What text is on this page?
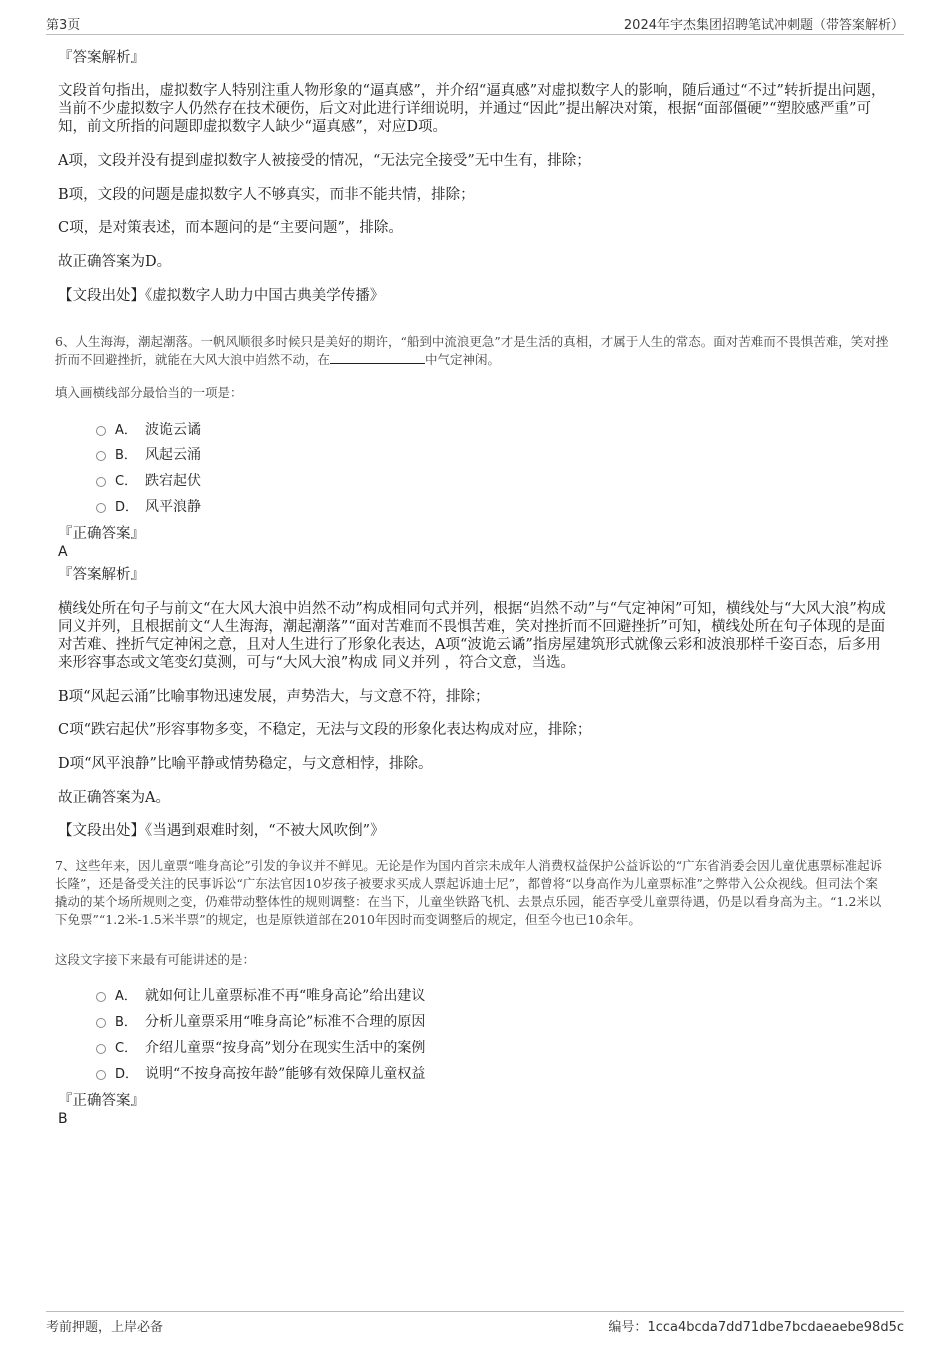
第3页	2024年宇杰集团招聘笔试冲刺题（带答案解析）
『答案解析』
文段首句指出，虚拟数字人特别注重人物形象的“逼真感”，并介绍“逼真感”对虚拟数字人的影响，随后通过“不过”转折提出问题，当前不少虚拟数字人仍然存在技术硬伤，后文对此进行详细说明，并通过“因此”提出解决对策，根据“面部僵硬”“塑胶感严重”可知，前文所指的问题即虚拟数字人缺少“逼真感”，对应D项。
A项，文段并没有提到虚拟数字人被接受的情况，“无法完全接受”无中生有，排除；
B项，文段的问题是虚拟数字人不够真实，而非不能共情，排除；
C项，是对策表述，而本题问的是“主要问题”，排除。
故正确答案为D。
【文段出处】《虚拟数字人助力中国古典美学传播》
6、人生海海，潮起潮落。一帆风顺很多时候只是美好的期许，“船到中流浪更急”才是生活的真相，才属于人生的常态。面对苦难而不畏惧苦难，笑对挫折而不回避挫折，就能在大风大浪中岿然不动，在	中气定神闲。
填入画横线部分最恰当的一项是：
A． 波诡云谲
B． 风起云涌
C． 跌宕起伏
D． 风平浪静
『正确答案』
A
『答案解析』
横线处所在句子与前文“在大风大浪中岿然不动”构成相同句式并列，根据“岿然不动”与“气定神闲”可知，横线处与“大风大浪”构成同义并列，且根据前文“人生海海，潮起潮落”“面对苦难而不畏惧苦难，笑对挫折而不回避挫折”可知，横线处所在句子体现的是面对苦难、挫折气定神闲之意，且对人生进行了形象化表达，A项“波诡云谲”指房屋建筑形式就像云彩和波浪那样千姿百态，后多用来形容事态或文笔变幻莫测，可与“大风大浪”构成 同义并列 ，符合文意，当选。
B项“风起云涌”比喻事物迅速发展，声势浩大，与文意不符，排除；
C项“跌宕起伏”形容事物多变，不稳定，无法与文段的形象化表达构成对应，排除；
D项“风平浪静”比喻平静或情势稳定，与文意相悖，排除。
故正确答案为A。
【文段出处】《当遇到艰难时刻，“不被大风吹倒”》
7、这些年来，因儿童票“唯身高论”引发的争议并不鲜见。无论是作为国内首宗未成年人消费权益保护公益诉讼的“广东省消委会因儿童优惠票标准起诉长隆”，还是备受关注的民事诉讼“广东法官因10岁孩子被要求买成人票起诉迪士尼”，都曾将“以身高作为儿童票标准”之弊带入公众视线。但司法个案撬动的某个场所规则之变，仍难带动整体性的规则调整：在当下，儿童坐铁路飞机、去景点乐园，能否享受儿童票待遇，仍是以看身高为主。“1.2米以下免票”“1.2米-1.5米半票”的规定，也是原铁道部在2010年因时而变调整后的规定，但至今也已10余年。
这段文字接下来最有可能讲述的是：
A． 就如何让儿童票标准不再“唯身高论”给出建议
B． 分析儿童票采用“唯身高论”标准不合理的原因
C． 介绍儿童票“按身高”划分在现实生活中的案例
D． 说明“不按身高按年龄”能够有效保障儿童权益
『正确答案』
B
考前押题，上岸必备	编号：1cca4bcda7dd71dbe7bcdaeaebe98d5c
